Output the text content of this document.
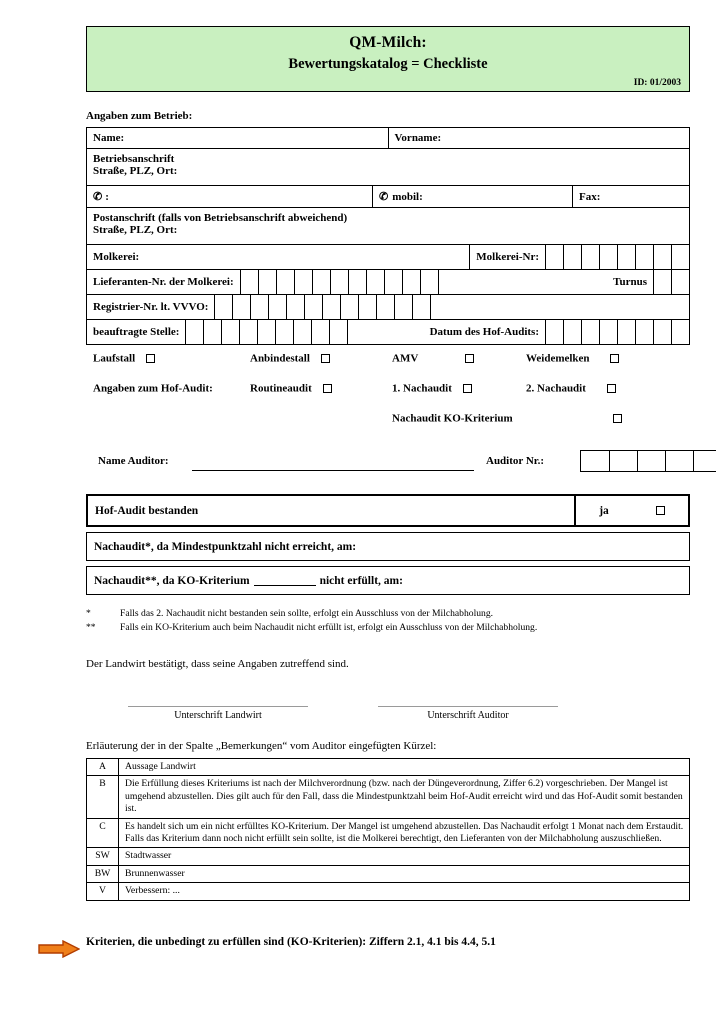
QM-Milch:
Bewertungskatalog = Checkliste
ID: 01/2003
Angaben zum Betrieb:
Name:	Vorname:

Betriebsanschrift
Straße, PLZ, Ort:

✆ :	✆ mobil:	Fax:

Postanschrift (falls von Betriebsanschrift abweichend)
Straße, PLZ, Ort:

Molkerei:	Molkerei-Nr:

Lieferanten-Nr. der Molkerei:	Turnus

Registrier-Nr. lt. VVVO:

beauftragte Stelle:	Datum des Hof-Audits:
Laufstall	Anbindestall	AMV	Weidemelken
Angaben zum Hof-Audit:	Routineaudit	1. Nachaudit	2. Nachaudit
Nachaudit KO-Kriterium
Name Auditor:	Auditor Nr.:
Hof-Audit bestanden	ja
Nachaudit*, da Mindestpunktzahl nicht erreicht, am:
Nachaudit**, da KO-Kriterium	nicht erfüllt, am:
*	Falls das 2. Nachaudit nicht bestanden sein sollte, erfolgt ein Ausschluss von der Milchabholung.
**	Falls ein KO-Kriterium auch beim Nachaudit nicht erfüllt ist, erfolgt ein Ausschluss von der Milchabholung.
Der Landwirt bestätigt, dass seine Angaben zutreffend sind.
Unterschrift Landwirt	Unterschrift Auditor
Erläuterung der in der Spalte „Bemerkungen“ vom Auditor eingefügten Kürzel:
A	Aussage Landwirt
B	Die Erfüllung dieses Kriteriums ist nach der Milchverordnung (bzw. nach der Düngeverordnung, Ziffer 6.2) vorgeschrieben. Der Mangel ist umgehend abzustellen. Dies gilt auch für den Fall, dass die Mindestpunktzahl beim Hof-Audit erreicht wird und das Hof-Audit somit bestanden ist.
C	Es handelt sich um ein nicht erfülltes KO-Kriterium. Der Mangel ist umgehend abzustellen. Das Nachaudit erfolgt 1 Monat nach dem Erstaudit. Falls das Kriterium dann noch nicht erfüllt sein sollte, ist die Molkerei berechtigt, den Lieferanten von der Milchabholung auszuschließen.
SW	Stadtwasser
BW	Brunnenwasser
V	Verbessern: ...
Kriterien, die unbedingt zu erfüllen sind (KO-Kriterien): Ziffern 2.1, 4.1 bis 4.4, 5.1
